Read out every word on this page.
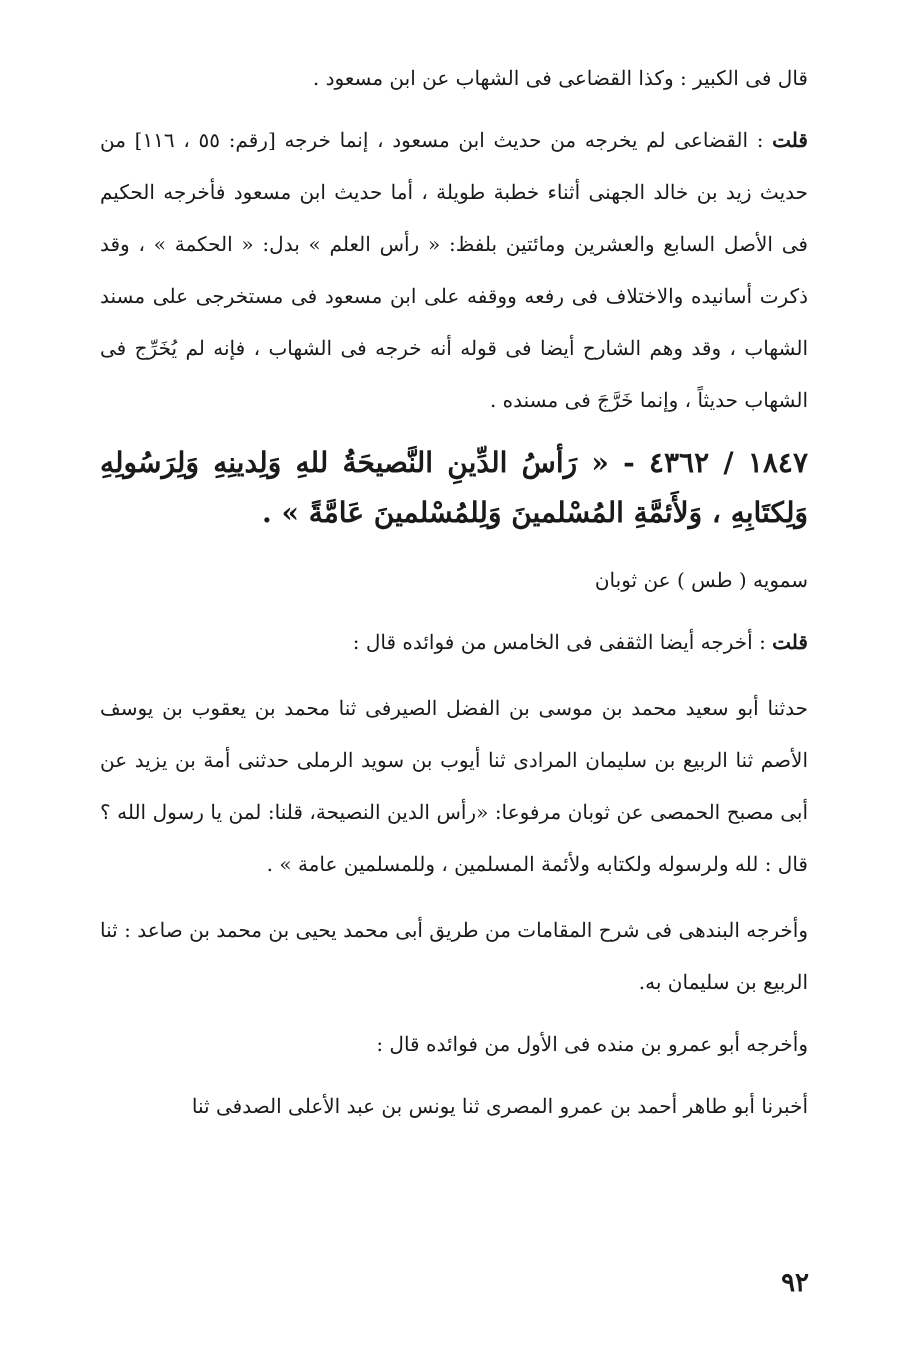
قال فى الكبير : وكذا القضاعى فى الشهاب عن ابن مسعود .

قلت : القضاعى لم يخرجه من حديث ابن مسعود ، إنما خرجه [رقم: ٥٥ ، ١١٦] من حديث زيد بن خالد الجهنى أثناء خطبة طويلة ، أما حديث ابن مسعود فأخرجه الحكيم فى الأصل السابع والعشرين ومائتين بلفظ: « رأس العلم » بدل: « الحكمة » ، وقد ذكرت أسانيده والاختلاف فى رفعه ووقفه على ابن مسعود فى مستخرجى على مسند الشهاب ، وقد وهم الشارح أيضا فى قوله أنه خرجه فى الشهاب ، فإنه لم يُخَرِّج فى الشهاب حديثاً ، وإنما خَرَّجَ فى مسنده .

١٨٤٧ / ٤٣٦٢ - « رَأسُ الدِّينِ النَّصيحَةُ للهِ وَلِدينِهِ وَلِرَسُولِهِ وَلِكتَابِهِ ، وَلأَئمَّةِ المُسْلمينَ وَلِلمُسْلمينَ عَامَّةً » .

سمويه ( طس ) عن ثوبان

قلت : أخرجه أيضا الثقفى فى الخامس من فوائده قال :

حدثنا أبو سعيد محمد بن موسى بن الفضل الصيرفى ثنا محمد بن يعقوب بن يوسف الأصم ثنا الربيع بن سليمان المرادى ثنا أيوب بن سويد الرملى حدثنى أمة بن يزيد عن أبى مصبح الحمصى عن ثوبان مرفوعا: «رأس الدين النصيحة، قلنا: لمن يا رسول الله ؟ قال : لله ولرسوله ولكتابه ولأئمة المسلمين ، وللمسلمين عامة » .

وأخرجه البندهى فى شرح المقامات من طريق أبى محمد يحيى بن محمد بن صاعد : ثنا الربيع بن سليمان به.

وأخرجه أبو عمرو بن منده فى الأول من فوائده قال :

أخبرنا أبو طاهر أحمد بن عمرو المصرى ثنا يونس بن عبد الأعلى الصدفى ثنا

٩٢
